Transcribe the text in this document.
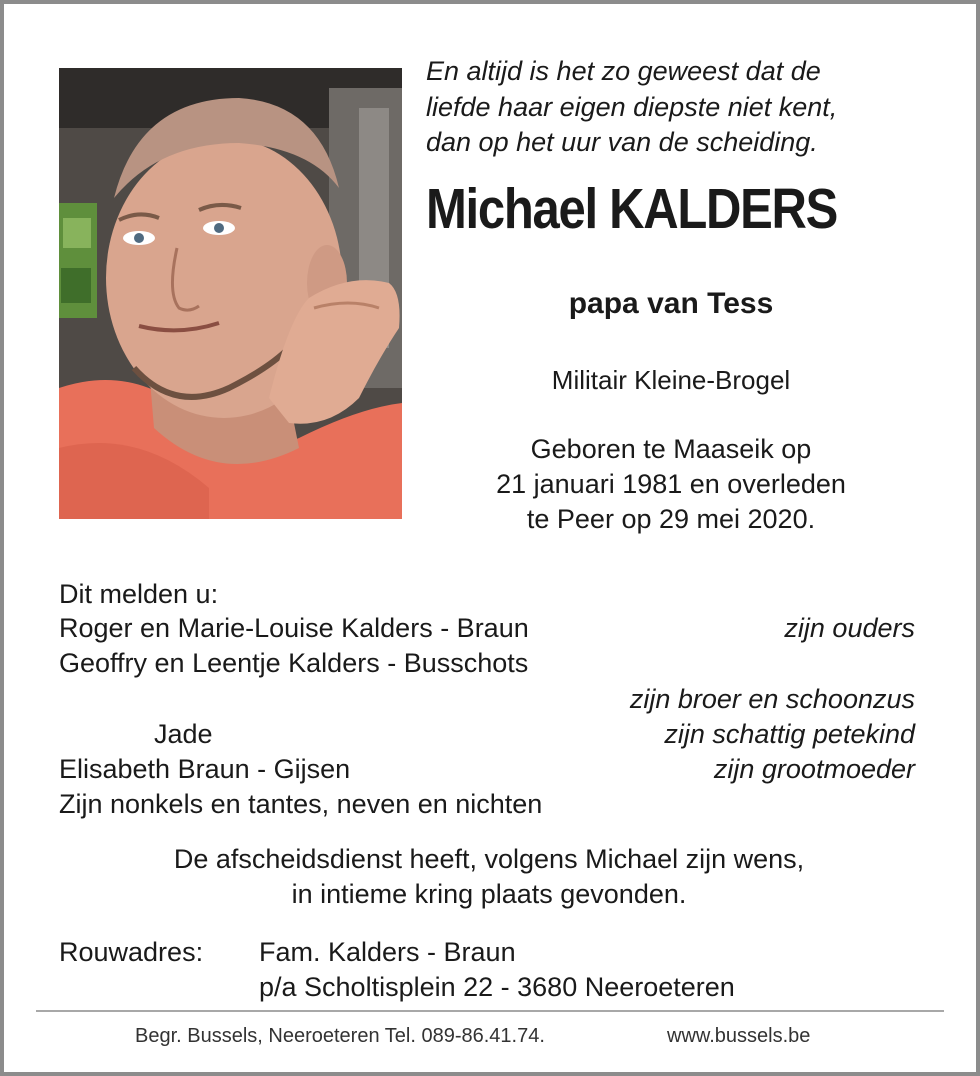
En altijd is het zo geweest dat de
liefde haar eigen diepste niet kent,
dan op het uur van de scheiding.
Michael KALDERS
papa van Tess
Militair Kleine-Brogel
Geboren te Maaseik op
21 januari 1981 en overleden
te Peer op 29 mei 2020.
Dit melden u:
Roger en Marie-Louise Kalders - Braun	zijn ouders
Geoffry en Leentje Kalders - Busschots
zijn broer en schoonzus
Jade	zijn schattig petekind
Elisabeth Braun - Gijsen	zijn grootmoeder
Zijn nonkels en tantes, neven en nichten
De afscheidsdienst heeft, volgens Michael zijn wens,
in intieme kring plaats gevonden.
Rouwadres: Fam. Kalders - Braun
p/a Scholtisplein 22 - 3680 Neeroeteren
Begr. Bussels, Neeroeteren Tel. 089-86.41.74.	www.bussels.be
